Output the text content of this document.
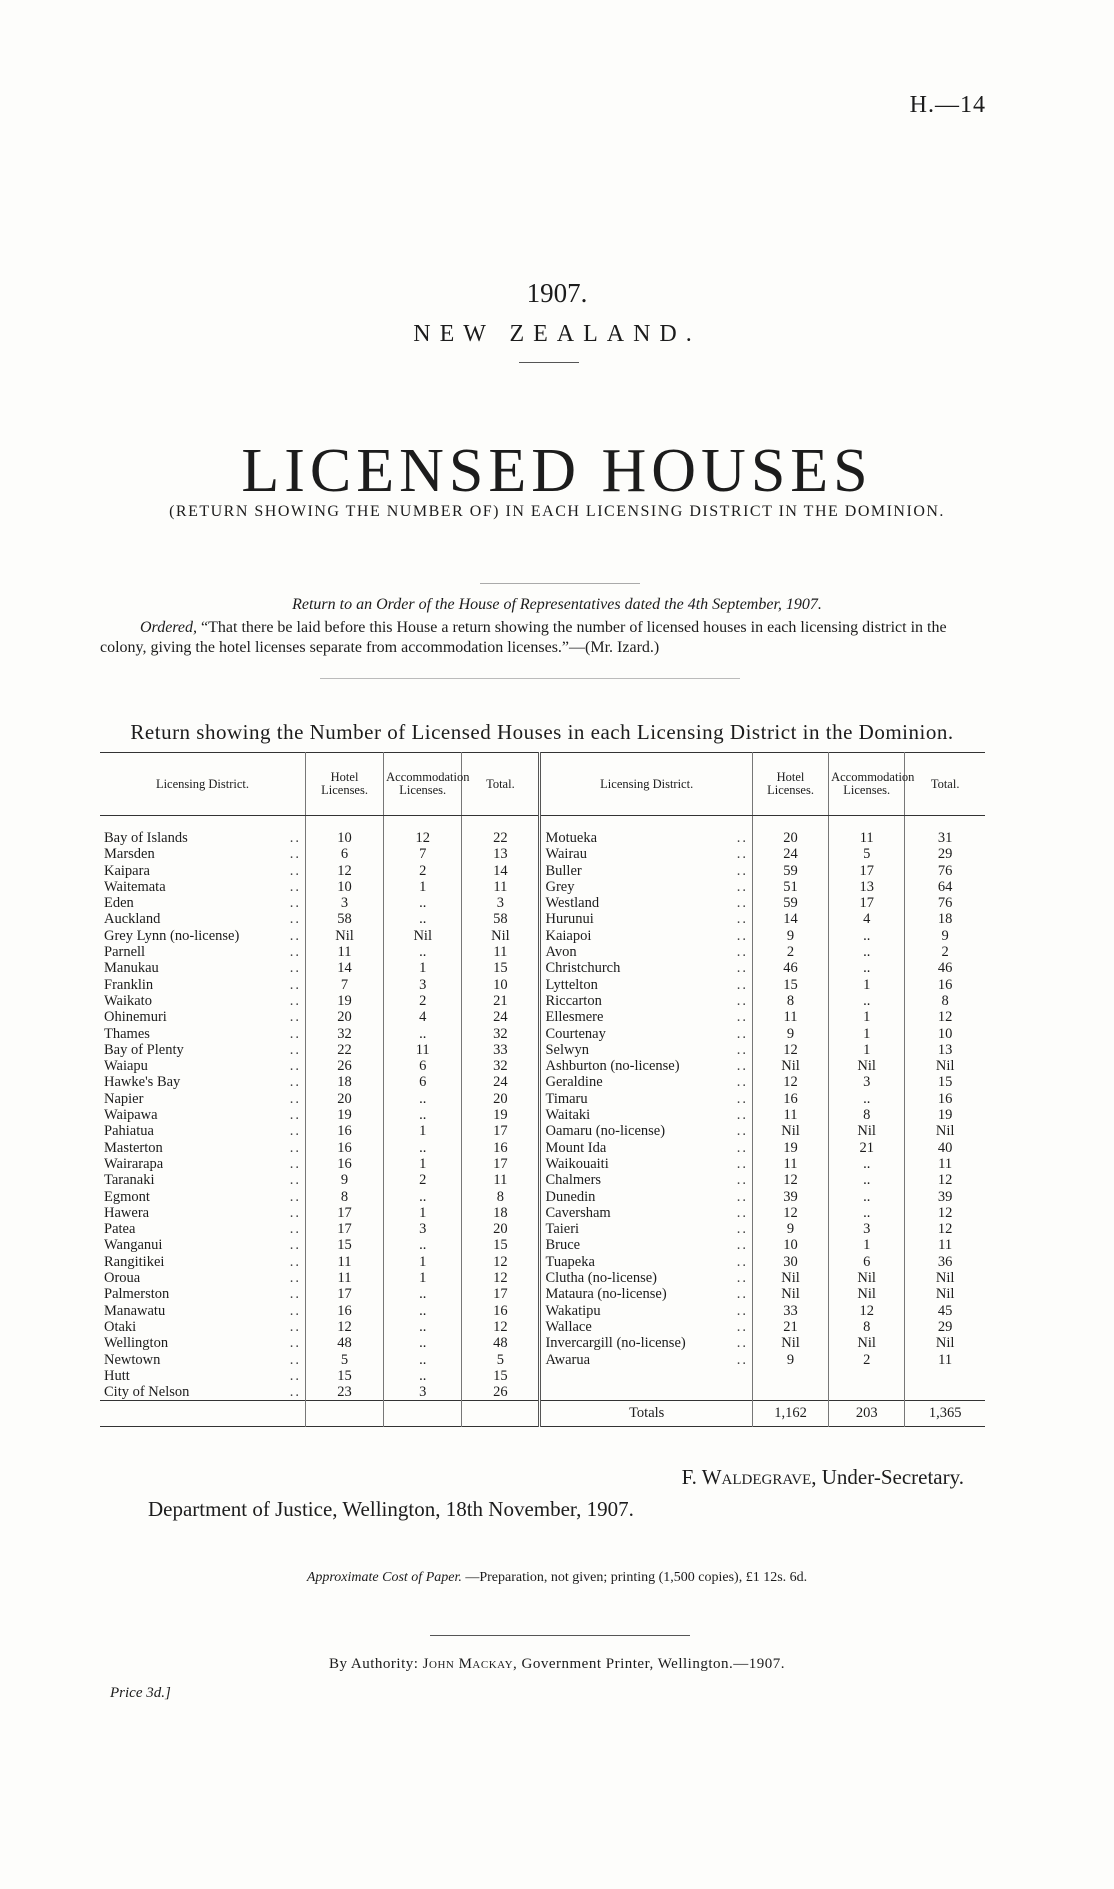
H.—14
1907.
NEW ZEALAND.
LICENSED HOUSES
(RETURN SHOWING THE NUMBER OF) IN EACH LICENSING DISTRICT IN THE DOMINION.
Return to an Order of the House of Representatives dated the 4th September, 1907.
Ordered, “That there be laid before this House a return showing the number of licensed houses in each licensing district in the colony, giving the hotel licenses separate from accommodation licenses.”—(Mr. Izard.)
Return showing the Number of Licensed Houses in each Licensing District in the Dominion.
Licensing District.	Hotel Licenses.	Accommodation Licenses.	Total.	Licensing District.	Hotel Licenses.	Accommodation Licenses.	Total.

Bay of Islands ..	10	12	22	Motueka ..	20	11	31
Marsden ..	6	7	13	Wairau ..	24	5	29
Kaipara ..	12	2	14	Buller ..	59	17	76
Waitemata ..	10	1	11	Grey ..	51	13	64
Eden ..	3	..	3	Westland ..	59	17	76
Auckland ..	58	..	58	Hurunui ..	14	4	18
Grey Lynn (no-license) ..	Nil	Nil	Nil	Kaiapoi ..	9	..	9
Parnell ..	11	..	11	Avon ..	2	..	2
Manukau ..	14	1	15	Christchurch ..	46	..	46
Franklin ..	7	3	10	Lyttelton ..	15	1	16
Waikato ..	19	2	21	Riccarton ..	8	..	8
Ohinemuri ..	20	4	24	Ellesmere ..	11	1	12
Thames ..	32	..	32	Courtenay ..	9	1	10
Bay of Plenty ..	22	11	33	Selwyn ..	12	1	13
Waiapu ..	26	6	32	Ashburton (no-license) ..	Nil	Nil	Nil
Hawke's Bay ..	18	6	24	Geraldine ..	12	3	15
Napier ..	20	..	20	Timaru ..	16	..	16
Waipawa ..	19	..	19	Waitaki ..	11	8	19
Pahiatua ..	16	1	17	Oamaru (no-license) ..	Nil	Nil	Nil
Masterton ..	16	..	16	Mount Ida ..	19	21	40
Wairarapa ..	16	1	17	Waikouaiti ..	11	..	11
Taranaki ..	9	2	11	Chalmers ..	12	..	12
Egmont ..	8	..	8	Dunedin ..	39	..	39
Hawera ..	17	1	18	Caversham ..	12	..	12
Patea ..	17	3	20	Taieri ..	9	3	12
Wanganui ..	15	..	15	Bruce ..	10	1	11
Rangitikei ..	11	1	12	Tuapeka ..	30	6	36
Oroua ..	11	1	12	Clutha (no-license) ..	Nil	Nil	Nil
Palmerston ..	17	..	17	Mataura (no-license) ..	Nil	Nil	Nil
Manawatu ..	16	..	16	Wakatipu ..	33	12	45
Otaki ..	12	..	12	Wallace ..	21	8	29
Wellington ..	48	..	48	Invercargill (no-license) ..	Nil	Nil	Nil
Newtown ..	5	..	5	Awarua ..	9	2	11
Hutt ..	15	..	15				
City of Nelson ..	23	3	26				
				Totals	1,162	203	1,365
F. Waldegrave, Under-Secretary.
Department of Justice, Wellington, 18th November, 1907.
Approximate Cost of Paper. —Preparation, not given; printing (1,500 copies), £1 12s. 6d.
By Authority: John Mackay, Government Printer, Wellington.—1907.
Price 3d.]
